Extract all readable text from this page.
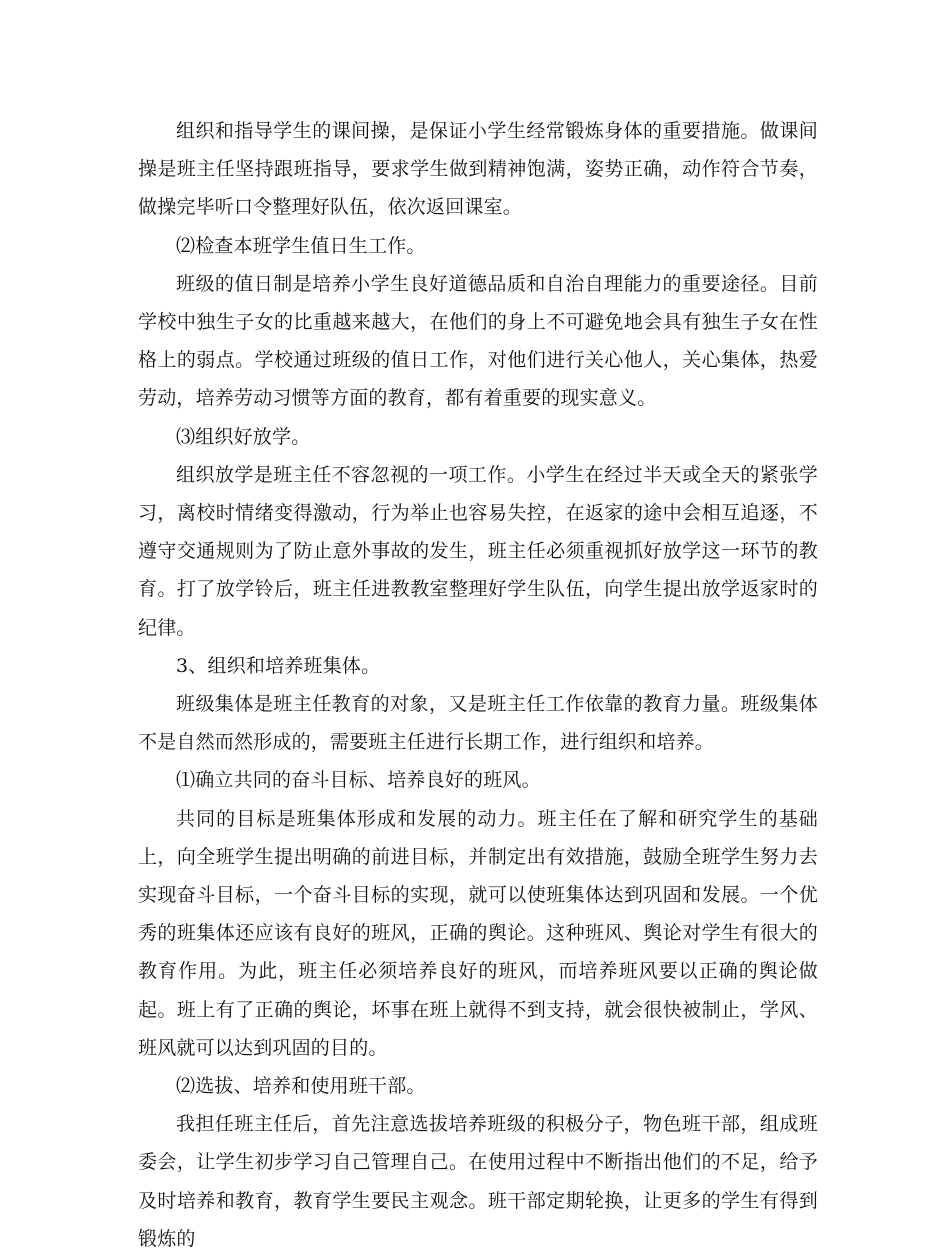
组织和指导学生的课间操，是保证小学生经常锻炼身体的重要措施。做课间操是班主任坚持跟班指导，要求学生做到精神饱满，姿势正确，动作符合节奏，做操完毕听口令整理好队伍，依次返回课室。

⑵检查本班学生值日生工作。

班级的值日制是培养小学生良好道德品质和自治自理能力的重要途径。目前学校中独生子女的比重越来越大，在他们的身上不可避免地会具有独生子女在性格上的弱点。学校通过班级的值日工作，对他们进行关心他人，关心集体，热爱劳动，培养劳动习惯等方面的教育，都有着重要的现实意义。

⑶组织好放学。

组织放学是班主任不容忽视的一项工作。小学生在经过半天或全天的紧张学习，离校时情绪变得激动，行为举止也容易失控，在返家的途中会相互追逐，不遵守交通规则为了防止意外事故的发生，班主任必须重视抓好放学这一环节的教育。打了放学铃后，班主任进教教室整理好学生队伍，向学生提出放学返家时的纪律。

3、组织和培养班集体。

班级集体是班主任教育的对象，又是班主任工作依靠的教育力量。班级集体不是自然而然形成的，需要班主任进行长期工作，进行组织和培养。

⑴确立共同的奋斗目标、培养良好的班风。

共同的目标是班集体形成和发展的动力。班主任在了解和研究学生的基础上，向全班学生提出明确的前进目标，并制定出有效措施，鼓励全班学生努力去实现奋斗目标，一个奋斗目标的实现，就可以使班集体达到巩固和发展。一个优秀的班集体还应该有良好的班风，正确的舆论。这种班风、舆论对学生有很大的教育作用。为此，班主任必须培养良好的班风，而培养班风要以正确的舆论做起。班上有了正确的舆论，坏事在班上就得不到支持，就会很快被制止，学风、班风就可以达到巩固的目的。

⑵选拔、培养和使用班干部。

我担任班主任后，首先注意选拔培养班级的积极分子，物色班干部，组成班委会，让学生初步学习自己管理自己。在使用过程中不断指出他们的不足，给予及时培养和教育，教育学生要民主观念。班干部定期轮换，让更多的学生有得到锻炼的
